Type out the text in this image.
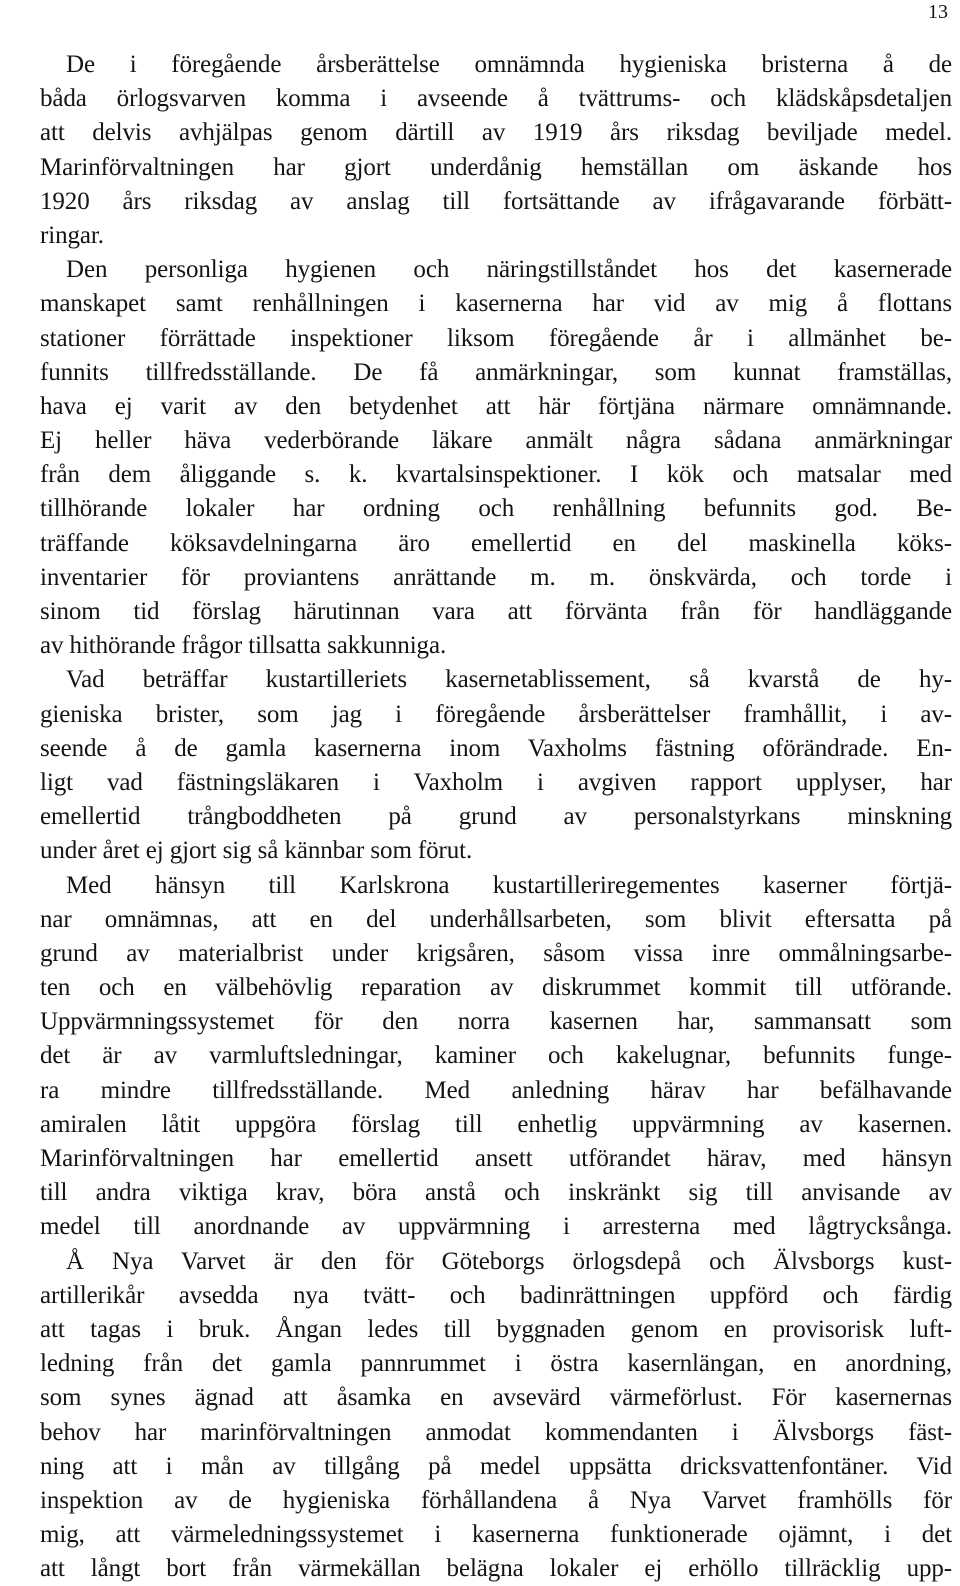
13
De i föregående årsberättelse omnämnda hygieniska bristerna å de
båda örlogsvarven komma i avseende å tvättrums- och klädskåpsdetaljen
att delvis avhjälpas genom därtill av 1919 års riksdag beviljade medel.
Marinförvaltningen har gjort underdånig hemställan om äskande hos
1920 års riksdag av anslag till fortsättande av ifrågavarande förbätt-
ringar.
Den personliga hygienen och näringstillståndet hos det kasernerade
manskapet samt renhållningen i kasernerna har vid av mig å flottans
stationer förrättade inspektioner liksom föregående år i allmänhet be-
funnits tillfredsställande. De få anmärkningar, som kunnat framställas,
hava ej varit av den betydenhet att här förtjäna närmare omnämnande.
Ej heller häva vederbörande läkare anmält några sådana anmärkningar
från dem åliggande s. k. kvartalsinspektioner. I kök och matsalar med
tillhörande lokaler har ordning och renhållning befunnits god. Be-
träffande köksavdelningarna äro emellertid en del maskinella köks-
inventarier för proviantens anrättande m. m. önskvärda, och torde i
sinom tid förslag härutinnan vara att förvänta från för handläggande
av hithörande frågor tillsatta sakkunniga.
Vad beträffar kustartilleriets kasernetablissement, så kvarstå de hy-
gieniska brister, som jag i föregående årsberättelser framhållit, i av-
seende å de gamla kasernerna inom Vaxholms fästning oförändrade. En-
ligt vad fästningsläkaren i Vaxholm i avgiven rapport upplyser, har
emellertid trångboddheten på grund av personalstyrkans minskning
under året ej gjort sig så kännbar som förut.
Med hänsyn till Karlskrona kustartilleriregementes kaserner förtjä-
nar omnämnas, att en del underhållsarbeten, som blivit eftersatta på
grund av materialbrist under krigsåren, såsom vissa inre ommålningsarbe-
ten och en välbehövlig reparation av diskrummet kommit till utförande.
Uppvärmningssystemet för den norra kasernen har, sammansatt som
det är av varmluftsledningar, kaminer och kakelugnar, befunnits funge-
ra mindre tillfredsställande. Med anledning härav har befälhavande
amiralen låtit uppgöra förslag till enhetlig uppvärmning av kasernen.
Marinförvaltningen har emellertid ansett utförandet härav, med hänsyn
till andra viktiga krav, böra anstå och inskränkt sig till anvisande av
medel till anordnande av uppvärmning i arresterna med lågtrycksånga.
Å Nya Varvet är den för Göteborgs örlogsdepå och Älvsborgs kust-
artillerikår avsedda nya tvätt- och badinrättningen uppförd och färdig
att tagas i bruk. Ångan ledes till byggnaden genom en provisorisk luft-
ledning från det gamla pannrummet i östra kasernlängan, en anordning,
som synes ägnad att åsamka en avsevärd värmeförlust. För kasernernas
behov har marinförvaltningen anmodat kommendanten i Älvsborgs fäst-
ning att i mån av tillgång på medel uppsätta dricksvattenfontäner. Vid
inspektion av de hygieniska förhållandena å Nya Varvet framhölls för
mig, att värmeledningssystemet i kasernerna funktionerade ojämnt, i det
att långt bort från värmekällan belägna lokaler ej erhöllo tillräcklig upp-
